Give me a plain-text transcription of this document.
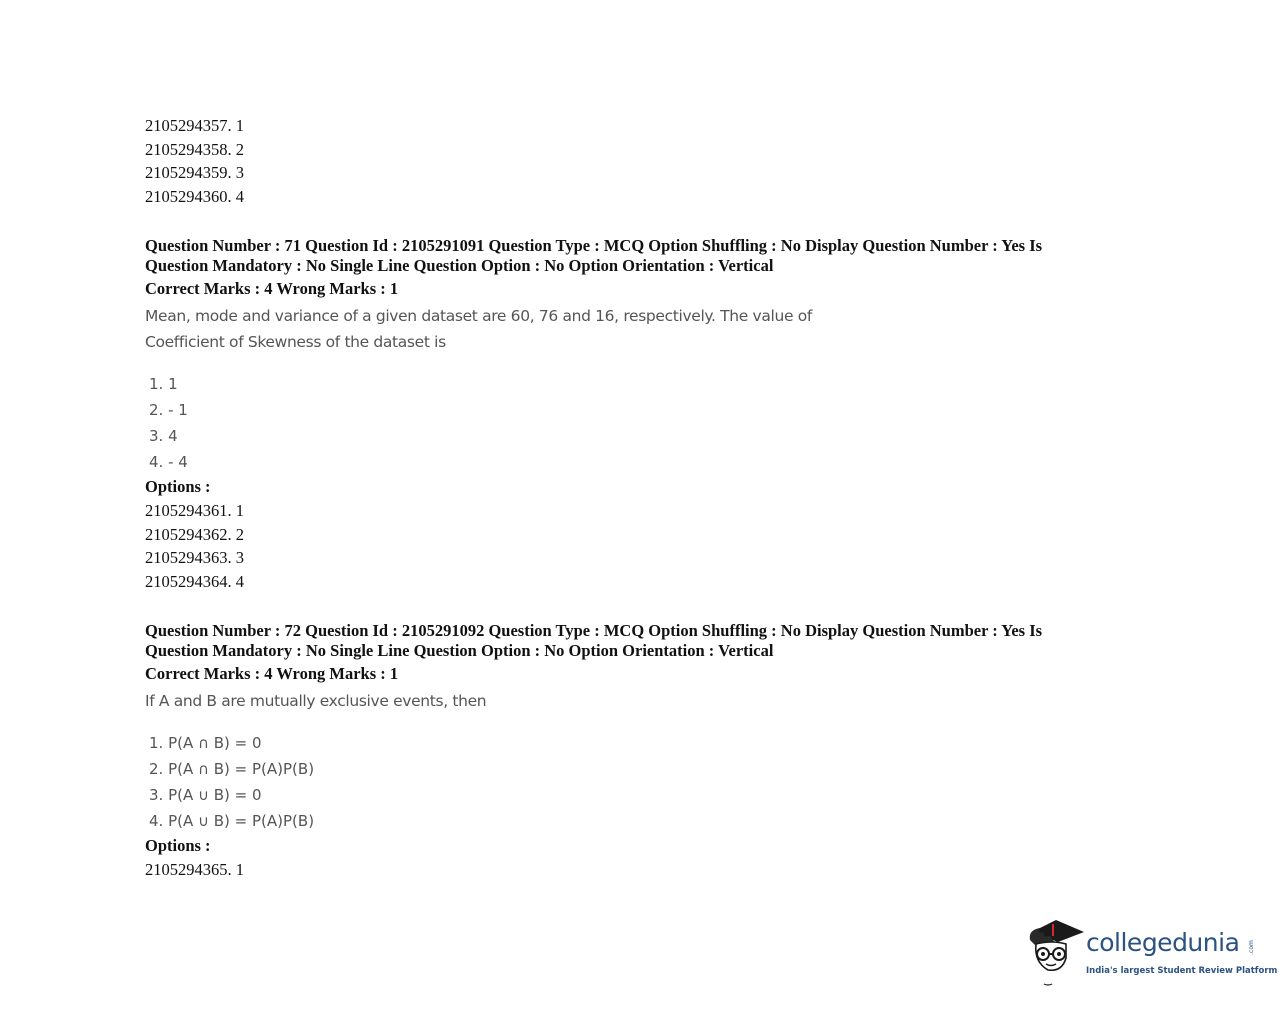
2105294357. 1

2105294358. 2

2105294359. 3

2105294360. 4

Question Number : 71 Question Id : 2105291091 Question Type : MCQ Option Shuffling : No Display Question Number : Yes Is

Question Mandatory : No Single Line Question Option : No Option Orientation : Vertical

Correct Marks : 4 Wrong Marks : 1

Mean, mode and variance of a given dataset are 60, 76 and 16, respectively. The value of
Coefficient of Skewness of the dataset is

1. 1
2. - 1
3. 4
4. - 4

Options :

2105294361. 1

2105294362. 2

2105294363. 3

2105294364. 4

Question Number : 72 Question Id : 2105291092 Question Type : MCQ Option Shuffling : No Display Question Number : Yes Is

Question Mandatory : No Single Line Question Option : No Option Orientation : Vertical

Correct Marks : 4 Wrong Marks : 1

If A and B are mutually exclusive events, then

1. P(A ∩ B) = 0
2. P(A ∩ B) = P(A)P(B)
3. P(A ∪ B) = 0
4. P(A ∪ B) = P(A)P(B)

Options :

2105294365. 1

collegedunia .com
India's largest Student Review Platform
